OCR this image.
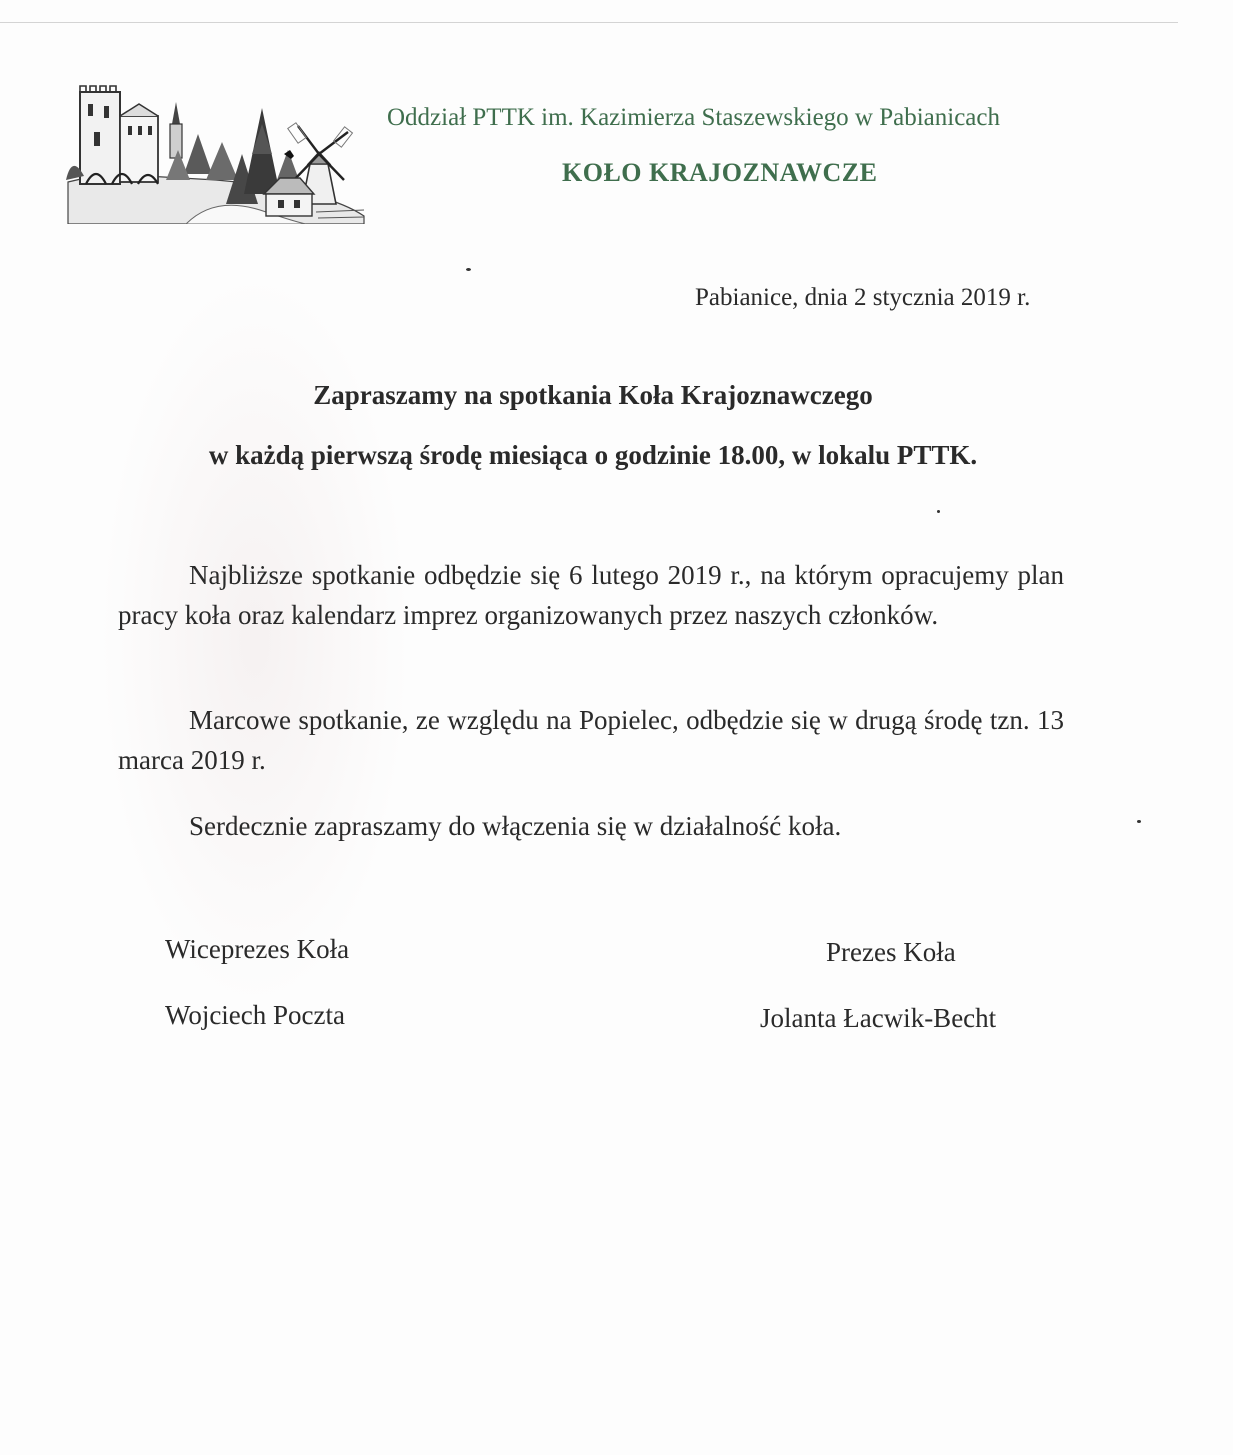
Oddział PTTK im. Kazimierza Staszewskiego w Pabianicach
KOŁO KRAJOZNAWCZE
Pabianice, dnia 2 stycznia 2019 r.
Zapraszamy na spotkania Koła Krajoznawczego
w każdą pierwszą środę miesiąca o godzinie 18.00, w lokalu PTTK.
Najbliższe spotkanie odbędzie się 6 lutego 2019 r., na którym opracujemy plan pracy koła oraz kalendarz imprez organizowanych przez naszych członków.
Marcowe spotkanie, ze względu na Popielec, odbędzie się w drugą środę tzn. 13 marca 2019 r.
Serdecznie zapraszamy do włączenia się w działalność koła.
Wiceprezes Koła
Wojciech Poczta
Prezes Koła
Jolanta Łacwik-Becht
